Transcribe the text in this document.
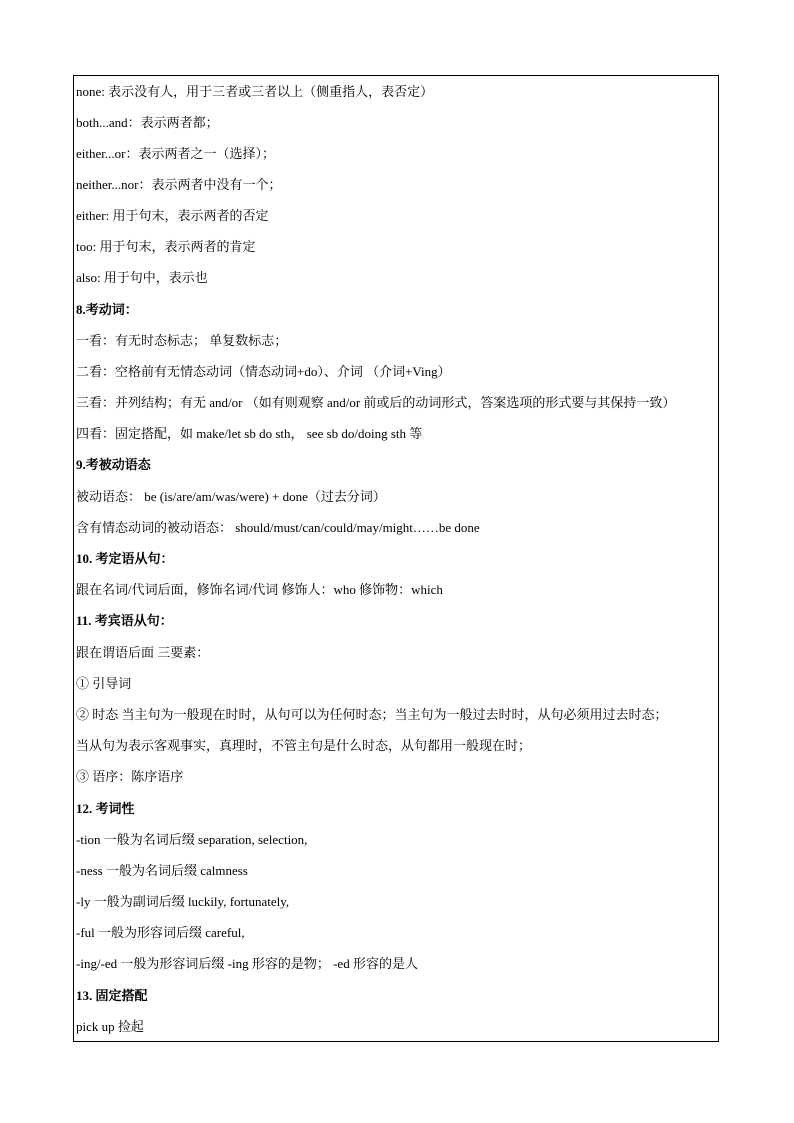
none: 表示没有人，用于三者或三者以上（侧重指人，表否定）
both...and：表示两者都；
either...or：表示两者之一（选择）；
neither...nor：表示两者中没有一个；
either: 用于句末，表示两者的否定
too: 用于句末，表示两者的肯定
also: 用于句中，表示也
8.考动词：
一看：有无时态标志； 单复数标志；
二看：空格前有无情态动词（情态动词+do）、介词 （介词+Ving）
三看：并列结构；有无 and/or （如有则观察 and/or 前或后的动词形式，答案选项的形式要与其保持一致）
四看：固定搭配，如 make/let sb do sth， see sb do/doing sth 等
9.考被动语态
被动语态： be (is/are/am/was/were) + done（过去分词）
含有情态动词的被动语态： should/must/can/could/may/might……be done
10. 考定语从句：
跟在名词/代词后面，修饰名词/代词 修饰人：who 修饰物：which
11. 考宾语从句：
跟在谓语后面 三要素：
① 引导词
② 时态 当主句为一般现在时时，从句可以为任何时态；当主句为一般过去时时，从句必须用过去时态；
当从句为表示客观事实，真理时，不管主句是什么时态，从句都用一般现在时；
③ 语序：陈序语序
12. 考词性
-tion 一般为名词后缀 separation, selection,
-ness 一般为名词后缀 calmness
-ly 一般为副词后缀 luckily, fortunately,
-ful 一般为形容词后缀 careful,
-ing/-ed 一般为形容词后缀 -ing 形容的是物； -ed 形容的是人
13. 固定搭配
pick up 捡起
